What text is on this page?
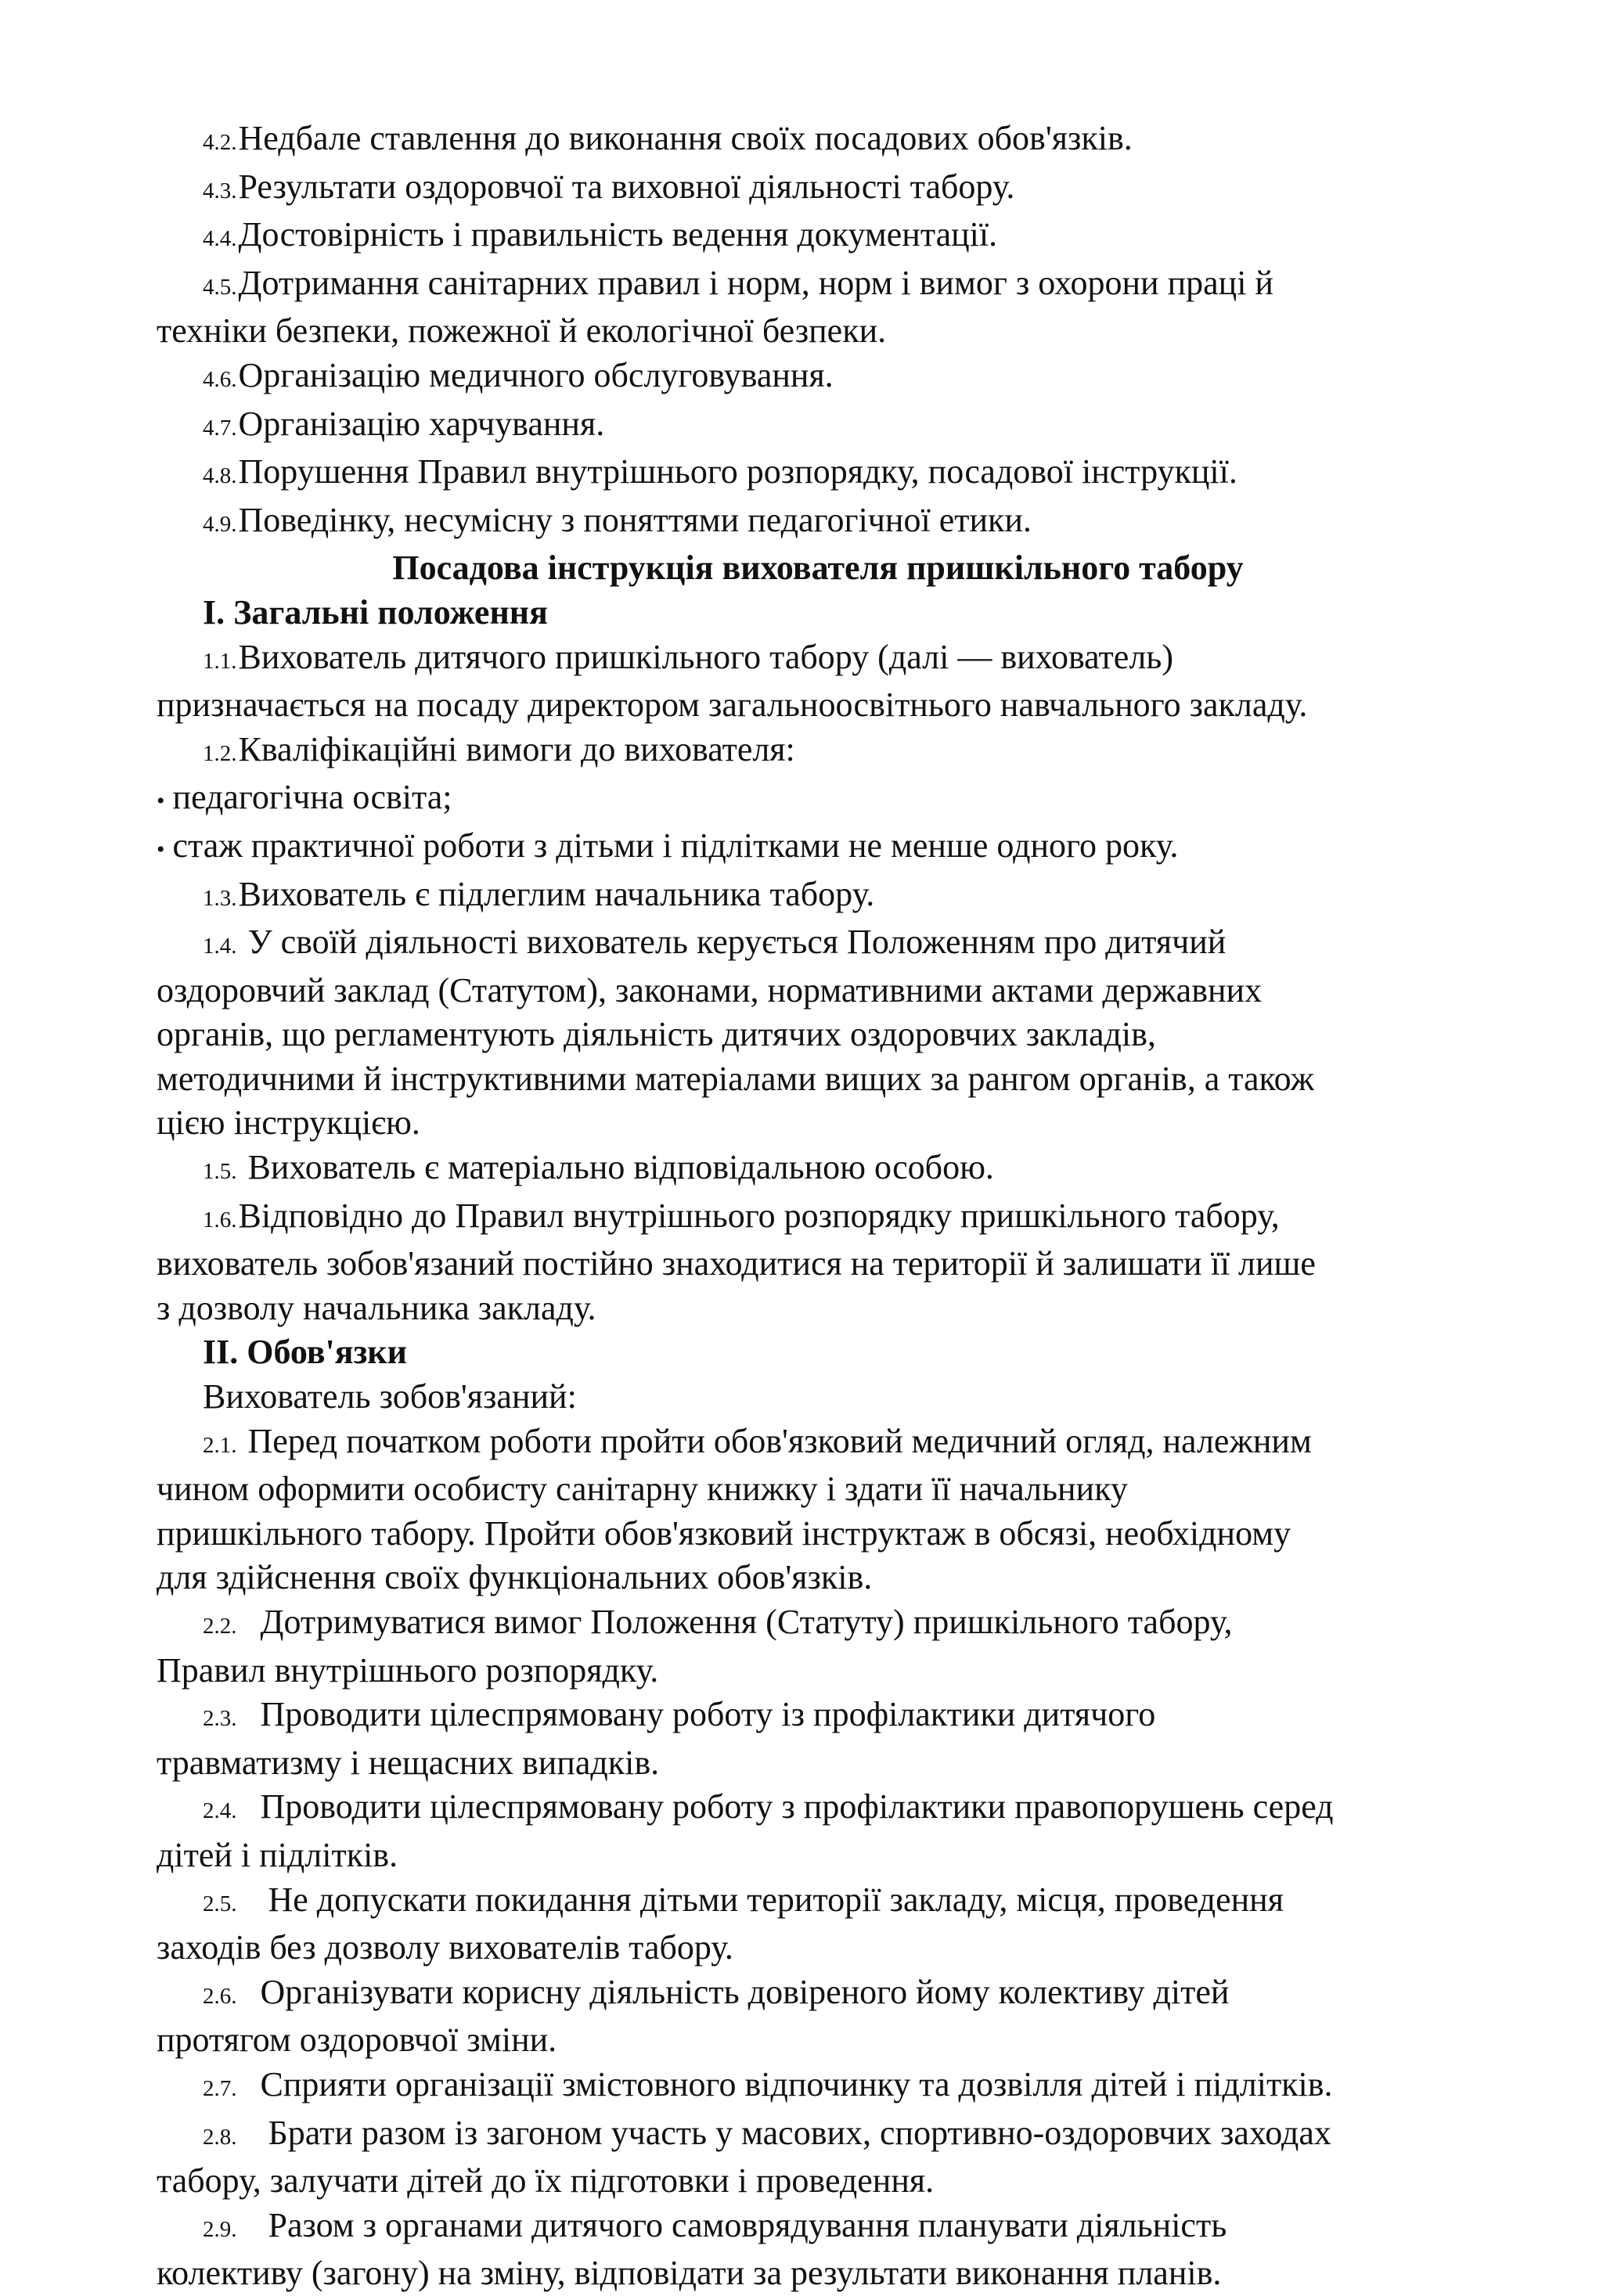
4.2.Недбале ставлення до виконання своїх посадових обов'язків.

4.3.Результати оздоровчої та виховної діяльності табору.

4.4.Достовірність і правильність ведення документації.

4.5.Дотримання санітарних правил і норм, норм і вимог з охорони праці й

техніки безпеки, пожежної й екологічної безпеки.

4.6.Організацію медичного обслуговування.

4.7.Організацію харчування.

4.8.Порушення Правил внутрішнього розпорядку, посадової інструкції.

4.9.Поведінку, несумісну з поняттями педагогічної етики.

Посадова інструкція вихователя пришкільного табору

І. Загальні положення

1.1.Вихователь дитячого пришкільного табору (далі — вихователь)

призначається на посаду директором загальноосвітнього навчального закладу.

1.2.Кваліфікаційні вимоги до вихователя:

• педагогічна освіта;

• стаж практичної роботи з дітьми і підлітками не менше одного року.

1.3.Вихователь є підлеглим начальника табору.

1.4. У своїй діяльності вихователь керується Положенням про дитячий

оздоровчий заклад (Статутом), законами, нормативними актами державних

органів, що регламентують діяльність дитячих оздоровчих закладів,

методичними й інструктивними матеріалами вищих за рангом органів, а також

цією інструкцією.

1.5. Вихователь є матеріально відповідальною особою.

1.6.Відповідно до Правил внутрішнього розпорядку пришкільного табору,

вихователь зобов'язаний постійно знаходитися на території й залишати її лише

з дозволу начальника закладу.

II. Обов'язки

Вихователь зобов'язаний:

2.1. Перед початком роботи пройти обов'язковий медичний огляд, належним

чином оформити особисту санітарну книжку і здати її начальнику

пришкільного табору. Пройти обов'язковий інструктаж в обсязі, необхідному

для здійснення своїх функціональних обов'язків.

2.2. Дотримуватися вимог Положення (Статуту) пришкільного табору,

Правил внутрішнього розпорядку.

2.3. Проводити цілеспрямовану роботу із профілактики дитячого

травматизму і нещасних випадків.

2.4. Проводити цілеспрямовану роботу з профілактики правопорушень серед

дітей і підлітків.

2.5. Не допускати покидання дітьми території закладу, місця, проведення

заходів без дозволу вихователів табору.

2.6. Організувати корисну діяльність довіреного йому колективу дітей

протягом оздоровчої зміни.

2.7. Сприяти організації змістовного відпочинку та дозвілля дітей і підлітків.

2.8. Брати разом із загоном участь у масових, спортивно-оздоровчих заходах

табору, залучати дітей до їх підготовки і проведення.

2.9. Разом з органами дитячого самоврядування планувати діяльність

колективу (загону) на зміну, відповідати за результати виконання планів.
